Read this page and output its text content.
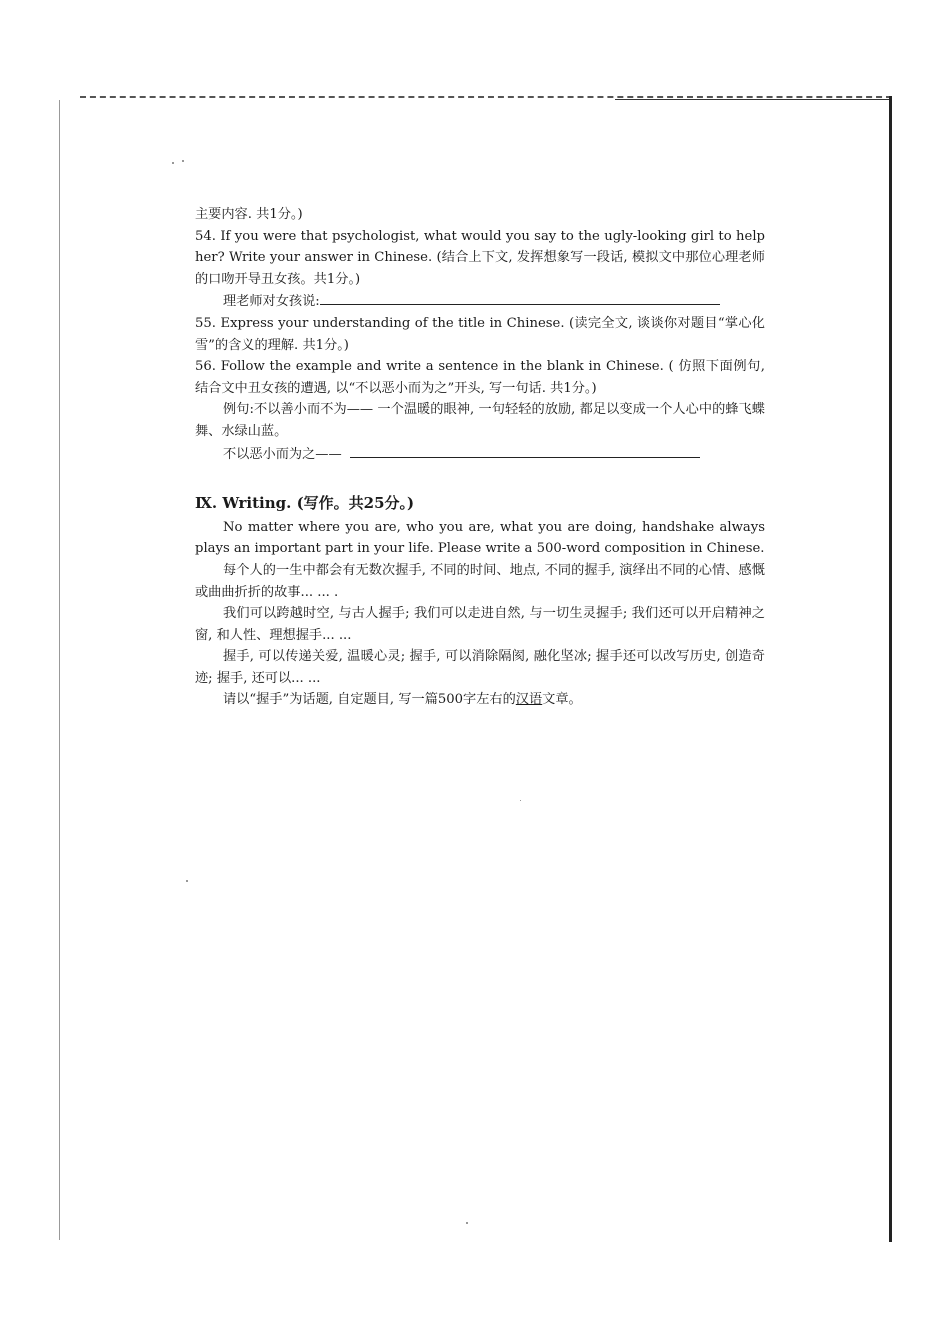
主要内容. 共1分。)

54. If you were that psychologist, what would you say to the ugly-looking girl to help her? Write your answer in Chinese. (结合上下文, 发挥想象写一段话, 模拟文中那位心理老师的口吻开导丑女孩。共1分。)

理老师对女孩说:

55. Express your understanding of the title in Chinese. (读完全文, 谈谈你对题目“掌心化雪”的含义的理解. 共1分。)

56. Follow the example and write a sentence in the blank in Chinese. ( 仿照下面例句, 结合文中丑女孩的遭遇, 以“不以恶小而为之”开头, 写一句话. 共1分。)

例句:不以善小而不为—— 一个温暖的眼神, 一句轻轻的放励, 都足以变成一个人心中的蜂飞蝶舞、水绿山蓝。

不以恶小而为之——

Ⅸ. Writing. (写作。共25分。)

No matter where you are, who you are, what you are doing, handshake always plays an important part in your life. Please write a 500-word composition in Chinese.

每个人的一生中都会有无数次握手, 不同的时间、地点, 不同的握手, 演绎出不同的心情、感慨或曲曲折折的故事... ... .

我们可以跨越时空, 与古人握手; 我们可以走进自然, 与一切生灵握手; 我们还可以开启精神之窗, 和人性、理想握手... ...

握手, 可以传递关爱, 温暖心灵; 握手, 可以消除隔阂, 融化坚冰; 握手还可以改写历史, 创造奇迹; 握手, 还可以... ...

请以“握手”为话题, 自定题目, 写一篇500字左右的汉语文章。
